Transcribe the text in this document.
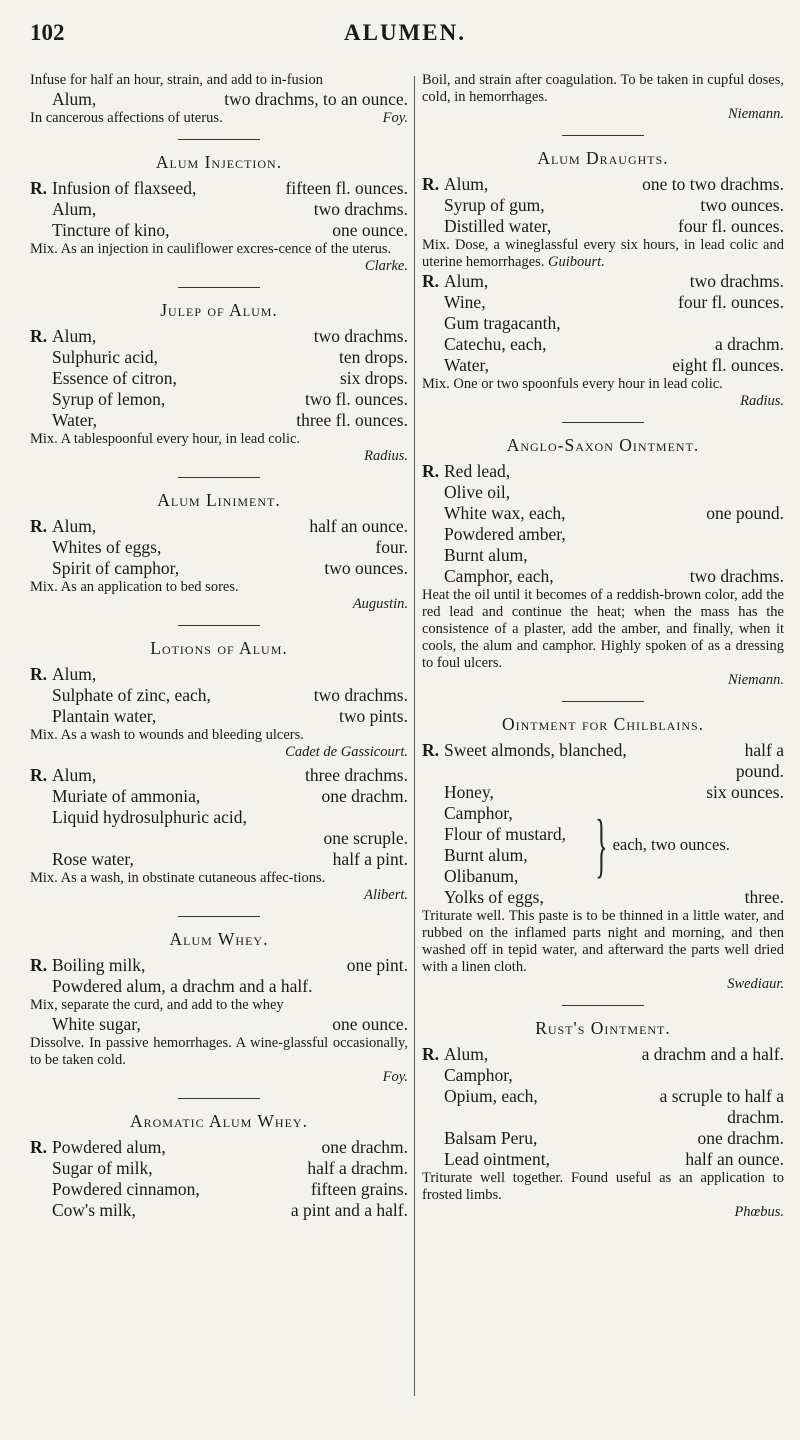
102	ALUMEN.

Infuse for half an hour, strain, and add to in-fusion

Alum,	two drachms, to an ounce.
In cancerous affections of uterus.	Foy.
Alum Injection.
R. Infusion of flaxseed,	fifteen fl. ounces.
Alum,	two drachms.
Tincture of kino,	one ounce.

Mix. As an injection in cauliflower excres-cence of the uterus.

Clarke.

Julep of Alum.
R. Alum,	two drachms.
Sulphuric acid,	ten drops.
Essence of citron,	six drops.
Syrup of lemon,	two fl. ounces.
Water,	three fl. ounces.

Mix. A tablespoonful every hour, in lead colic.

Radius.

Alum Liniment.
R. Alum,	half an ounce.
Whites of eggs,	four.
Spirit of camphor,	two ounces.

Mix. As an application to bed sores.

Augustin.

Lotions of Alum.
R. Alum,
Sulphate of zinc, each,	two drachms.
Plantain water,	two pints.

Mix. As a wash to wounds and bleeding ulcers.

Cadet de Gassicourt.

R. Alum,	three drachms.
Muriate of ammonia,	one drachm.
Liquid hydrosulphuric acid,
one scruple.
Rose water,	half a pint.

Mix. As a wash, in obstinate cutaneous affec-tions.

Alibert.

Alum Whey.
R. Boiling milk,	one pint.
Powdered alum, a drachm and a half.

Mix, separate the curd, and add to the whey

White sugar,	one ounce.

Dissolve. In passive hemorrhages. A wine-glassful occasionally, to be taken cold.

Foy.

Aromatic Alum Whey.
R. Powdered alum,	one drachm.
Sugar of milk,	half a drachm.
Powdered cinnamon,	fifteen grains.
Cow's milk,	a pint and a half.

Boil, and strain after coagulation. To be taken in cupful doses, cold, in hemorrhages.

Niemann.

Alum Draughts.
R. Alum,	one to two drachms.
Syrup of gum,	two ounces.
Distilled water,	four fl. ounces.

Mix. Dose, a wineglassful every six hours, in lead colic and uterine hemorrhages. Guibourt.

R. Alum,	two drachms.
Wine,	four fl. ounces.
Gum tragacanth,
Catechu, each,	a drachm.
Water,	eight fl. ounces.
Mix. One or two spoonfuls every hour in lead colic.

Radius.

Anglo-Saxon Ointment.
R. Red lead,
Olive oil,
White wax, each,	one pound.
Powdered amber,
Burnt alum,
Camphor, each,	two drachms.

Heat the oil until it becomes of a reddish-brown color, add the red lead and continue the heat; when the mass has the consistence of a plaster, add the amber, and finally, when it cools, the alum and camphor. Highly spoken of as a dressing to foul ulcers.

Niemann.

Ointment for Chilblains.
R. Sweet almonds, blanched,	half a
pound.
Honey,	six ounces.
Camphor,
Flour of mustard,
Burnt alum,
Olibanum,	} each, two ounces.
Yolks of eggs,	three.

Triturate well. This paste is to be thinned in a little water, and rubbed on the inflamed parts night and morning, and then washed off in tepid water, and afterward the parts well dried with a linen cloth.

Swediaur.

Rust's Ointment.
R. Alum,	a drachm and a half.
Camphor,
Opium, each,	a scruple to half a
drachm.
Balsam Peru,	one drachm.
Lead ointment,	half an ounce.

Triturate well together. Found useful as an application to frosted limbs.

Phœbus.
